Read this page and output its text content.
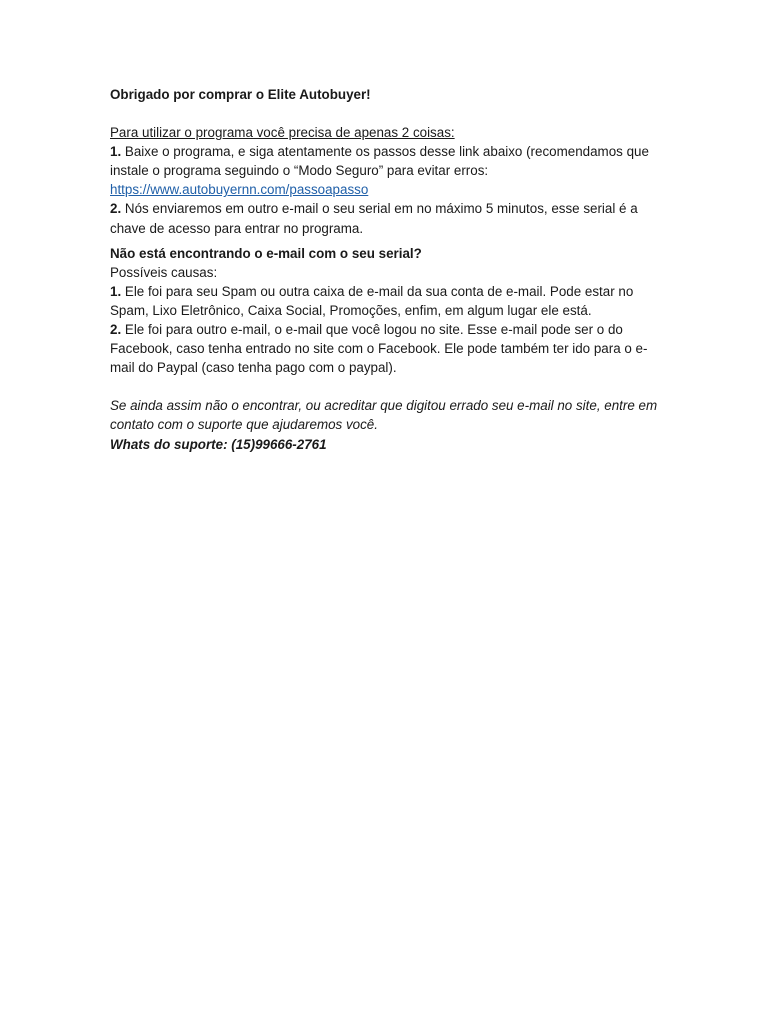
Obrigado por comprar o Elite Autobuyer!

Para utilizar o programa você precisa de apenas 2 coisas:

1. Baixe o programa, e siga atentamente os passos desse link abaixo (recomendamos que instale o programa seguindo o “Modo Seguro” para evitar erros:

https://www.autobuyernn.com/passoapasso

2. Nós enviaremos em outro e-mail o seu serial em no máximo 5 minutos, esse serial é a chave de acesso para entrar no programa.

Não está encontrando o e-mail com o seu serial?

Possíveis causas:

1. Ele foi para seu Spam ou outra caixa de e-mail da sua conta de e-mail. Pode estar no Spam, Lixo Eletrônico, Caixa Social, Promoções, enfim, em algum lugar ele está.

2. Ele foi para outro e-mail, o e-mail que você logou no site. Esse e-mail pode ser o do Facebook, caso tenha entrado no site com o Facebook. Ele pode também ter ido para o e-mail do Paypal (caso tenha pago com o paypal).

Se ainda assim não o encontrar, ou acreditar que digitou errado seu e-mail no site, entre em contato com o suporte que ajudaremos você.

Whats do suporte: (15)99666-2761
